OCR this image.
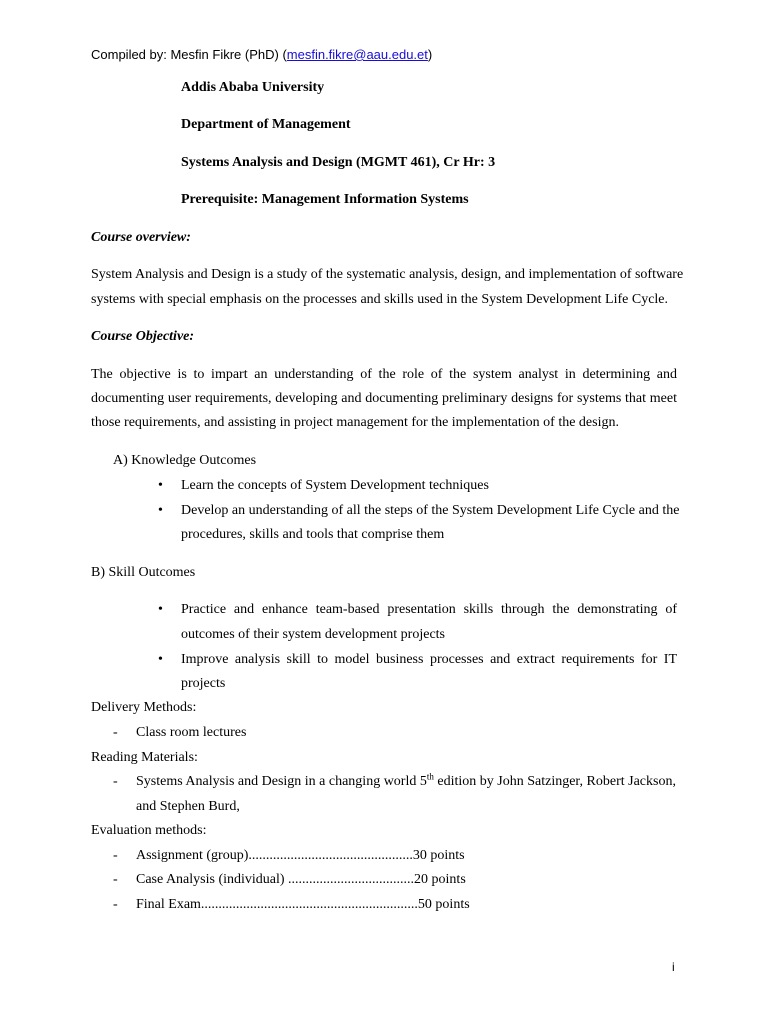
Compiled by: Mesfin Fikre (PhD) (mesfin.fikre@aau.edu.et)
Addis Ababa University
Department of Management
Systems Analysis and Design (MGMT 461), Cr Hr: 3
Prerequisite: Management Information Systems
Course overview:
System Analysis and Design is a study of the systematic analysis, design, and implementation of software
systems with special emphasis on the processes and skills used in the System Development Life Cycle.
Course Objective:
The objective is to impart an understanding of the role of the system analyst in determining and
documenting user requirements, developing and documenting preliminary designs for systems that meet
those requirements, and assisting in project management for the implementation of the design.
A) Knowledge Outcomes
• Learn the concepts of System Development techniques
• Develop an understanding of all the steps of the System Development Life Cycle and the
procedures, skills and tools that comprise them
B) Skill Outcomes
• Practice and enhance team-based presentation skills through the demonstrating of
outcomes of their system development projects
• Improve analysis skill to model business processes and extract requirements for IT
projects
Delivery Methods:
- Class room lectures
Reading Materials:
- Systems Analysis and Design in a changing world 5th edition by John Satzinger, Robert Jackson,
and Stephen Burd,
Evaluation methods:
- Assignment (group)...............................................30 points
- Case Analysis (individual) ....................................20 points
- Final Exam..............................................................50 points
i
